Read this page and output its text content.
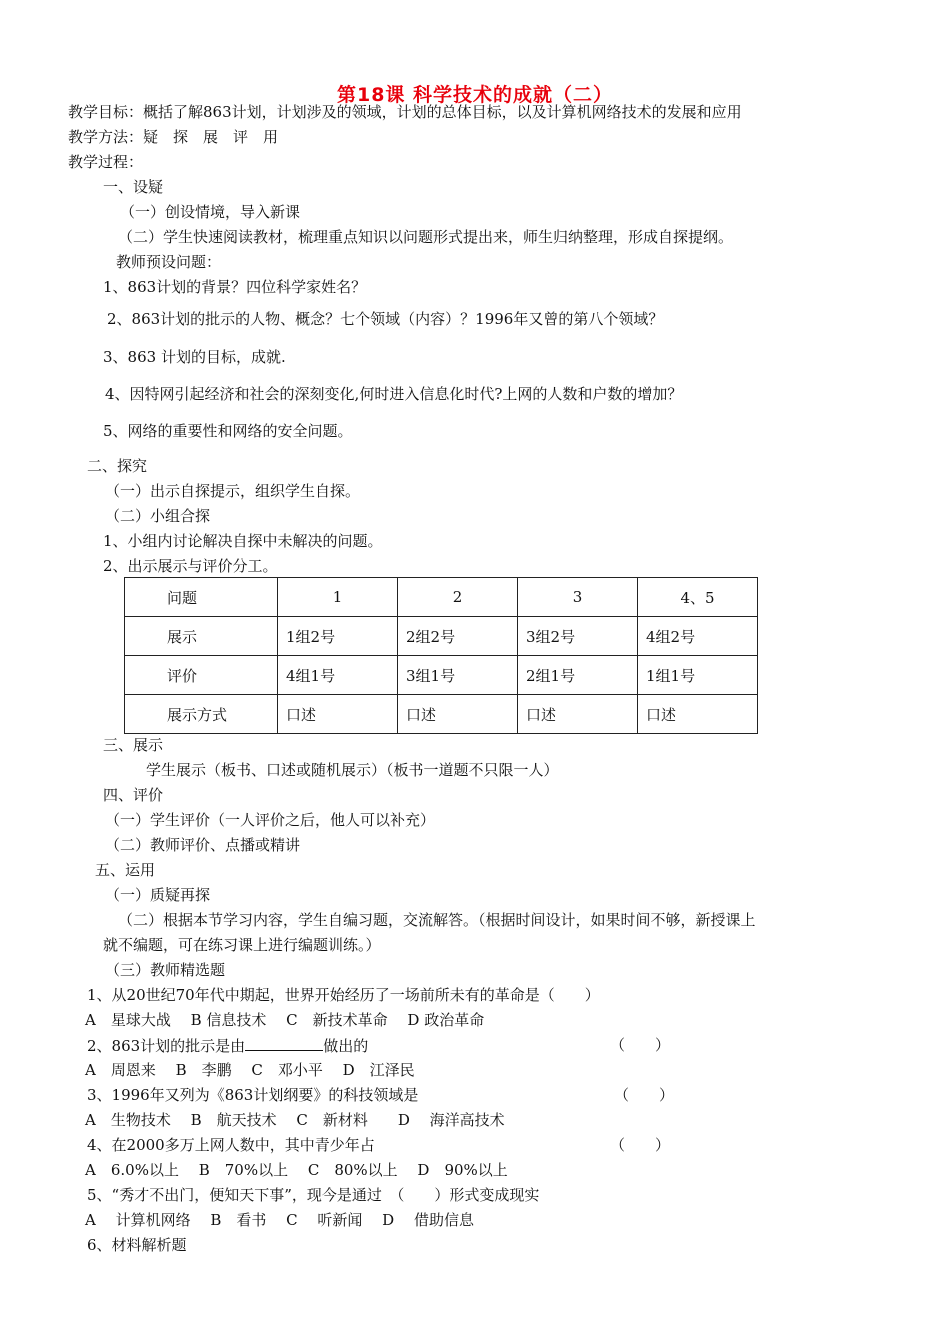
第18课 科学技术的成就（二）
教学目标：概括了解863计划，计划涉及的领域，计划的总体目标，以及计算机网络技术的发展和应用
教学方法：疑　探　展　评　用
教学过程：
一、设疑
（一）创设情境，导入新课
（二）学生快速阅读教材，梳理重点知识以问题形式提出来，师生归纳整理，形成自探提纲。
教师预设问题：
1、863计划的背景？四位科学家姓名？
2、863计划的批示的人物、概念？七个领域（内容）？1996年又曾的第八个领域？
3、863 计划的目标，成就.
4、因特网引起经济和社会的深刻变化,何时进入信息化时代?上网的人数和户数的增加？
5、网络的重要性和网络的安全问题。
二、探究
（一）出示自探提示，组织学生自探。
（二）小组合探
1、小组内讨论解决自探中未解决的问题。
2、出示展示与评价分工。
问题	1	2	3	4、5
展示	1组2号	2组2号	3组2号	4组2号
评价	4组1号	3组1号	2组1号	1组1号
展示方式	口述	口述	口述	口述
三、展示
学生展示（板书、口述或随机展示）（板书一道题不只限一人）
四、评价
（一）学生评价（一人评价之后，他人可以补充）
（二）教师评价、点播或精讲
五、运用
（一）质疑再探
（二）根据本节学习内容，学生自编习题，交流解答。（根据时间设计，如果时间不够，新授课上
就不编题，可在练习课上进行编题训练。）
（三）教师精选题
1、从20世纪70年代中期起，世界开始经历了一场前所未有的革命是（　　）
A　星球大战　 B 信息技术　 C　新技术革命　 D 政治革命
2、863计划的批示是由	做出的	（　　）
A　周恩来　 B　李鹏　 C　邓小平　 D　江泽民
3、1996年又列为《863计划纲要》的科技领域是	（　　）
A　生物技术　 B　航天技术　 C　新材料　　D　 海洋高技术
4、在2000多万上网人数中，其中青少年占	（　　）
A　6.0%以上　 B　70%以上　 C　80%以上　 D　90%以上
5、“秀才不出门，便知天下事”，现今是通过　（　　）形式变成现实
A　 计算机网络　 B　看书　 C　 听新闻　 D　 借助信息
6、材料解析题
